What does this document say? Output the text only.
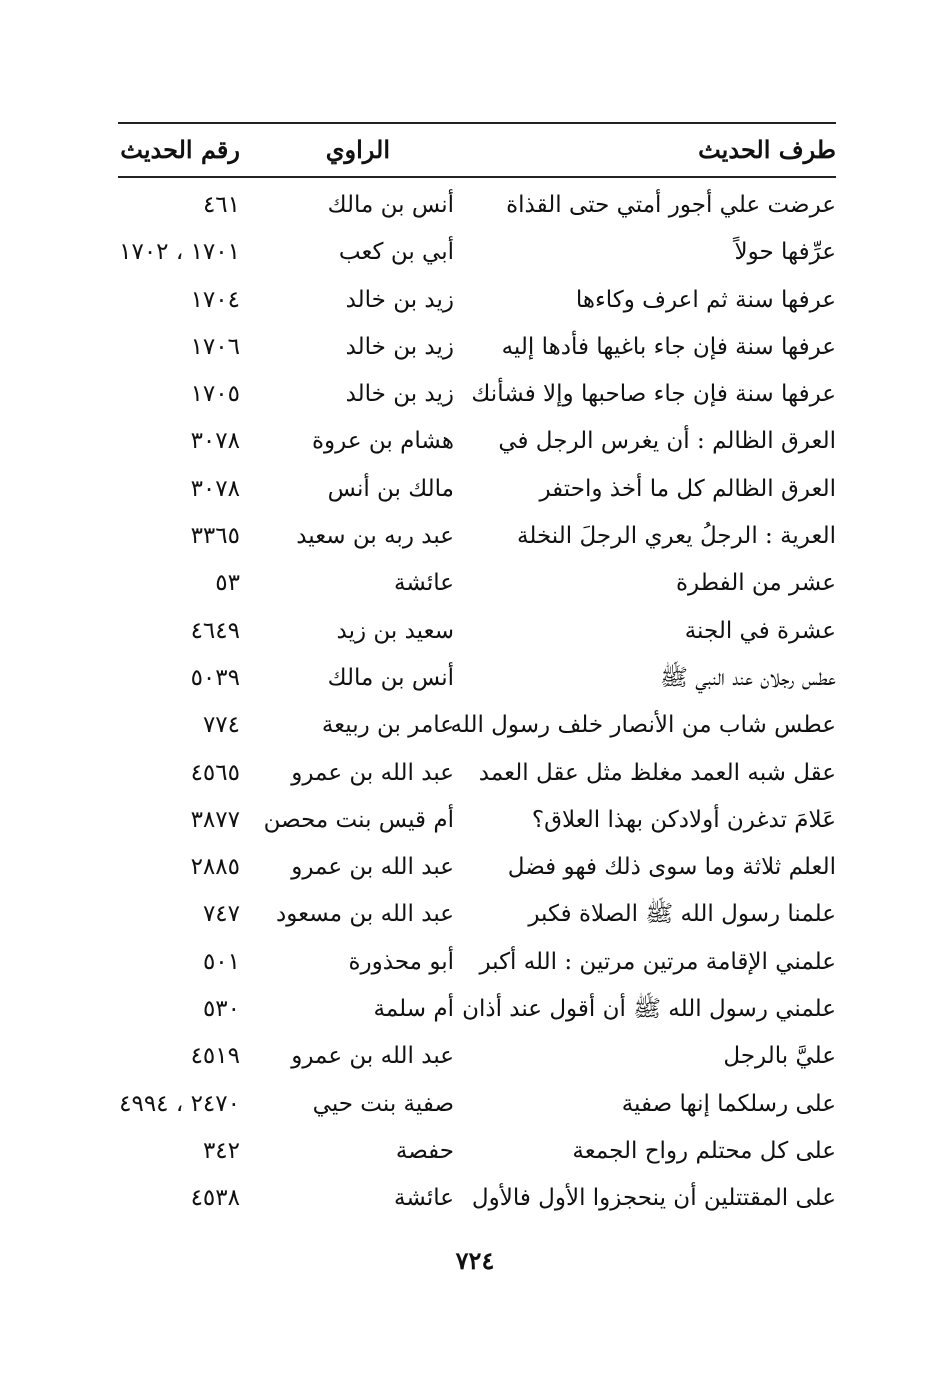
طرف الحديث
الراوي
رقم الحديث
عرضت علي أجور أمتي حتى القذاة
أنس بن مالك
٤٦١
عرِّفها حولاً
أبي بن كعب
١٧٠١ ، ١٧٠٢
عرفها سنة ثم اعرف وكاءها
زيد بن خالد
١٧٠٤
عرفها سنة فإن جاء باغيها فأدها إليه
زيد بن خالد
١٧٠٦
عرفها سنة فإن جاء صاحبها وإلا فشأنك
زيد بن خالد
١٧٠٥
العرق الظالم : أن يغرس الرجل في
هشام بن عروة
٣٠٧٨
العرق الظالم كل ما أخذ واحتفر
مالك بن أنس
٣٠٧٨
العرية : الرجلُ يعري الرجلَ النخلة
عبد ربه بن سعيد
٣٣٦٥
عشر من الفطرة
عائشة
٥٣
عشرة في الجنة
سعيد بن زيد
٤٦٤٩
عطس رجلان عند النبي ﷺ
أنس بن مالك
٥٠٣٩
عطس شاب من الأنصار خلف رسول الله
عامر بن ربيعة
٧٧٤
عقل شبه العمد مغلظ مثل عقل العمد
عبد الله بن عمرو
٤٥٦٥
عَلامَ تدغرن أولادكن بهذا العلاق؟
أم قيس بنت محصن
٣٨٧٧
العلم ثلاثة وما سوى ذلك فهو فضل
عبد الله بن عمرو
٢٨٨٥
علمنا رسول الله ﷺ الصلاة فكبر
عبد الله بن مسعود
٧٤٧
علمني الإقامة مرتين مرتين : الله أكبر
أبو محذورة
٥٠١
علمني رسول الله ﷺ أن أقول عند أذان
أم سلمة
٥٣٠
عليَّ بالرجل
عبد الله بن عمرو
٤٥١٩
على رسلكما إنها صفية
صفية بنت حيي
٢٤٧٠ ، ٤٩٩٤
على كل محتلم رواح الجمعة
حفصة
٣٤٢
على المقتتلين أن ينحجزوا الأول فالأول
عائشة
٤٥٣٨
٧٢٤
